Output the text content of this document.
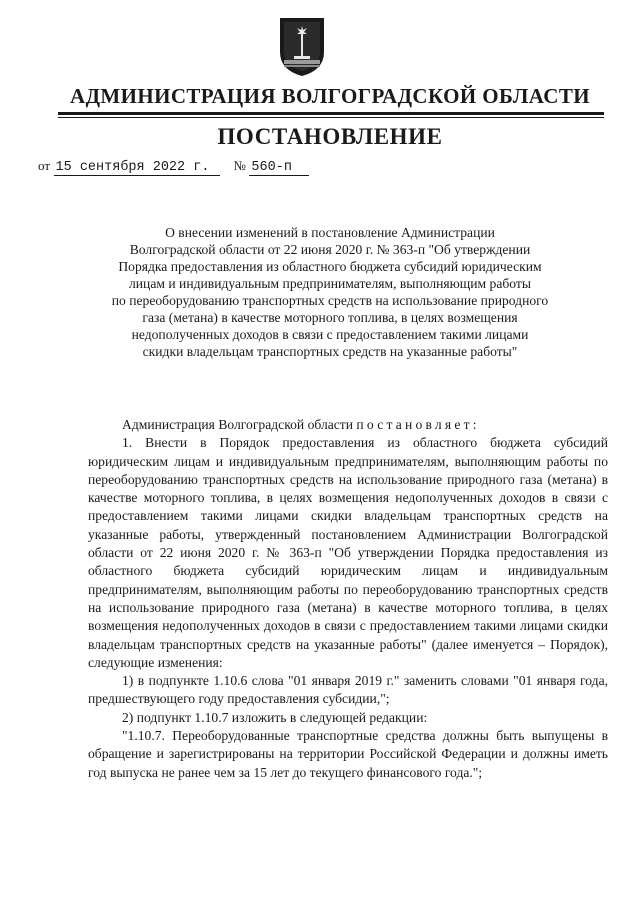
АДМИНИСТРАЦИЯ ВОЛГОГРАДСКОЙ ОБЛАСТИ
ПОСТАНОВЛЕНИЕ
от 15 сентября 2022 г. № 560-п
О внесении изменений в постановление Администрации
Волгоградской области от 22 июня 2020 г. № 363-п "Об утверждении
Порядка предоставления из областного бюджета субсидий юридическим
лицам и индивидуальным предпринимателям, выполняющим работы
по переоборудованию транспортных средств на использование природного
газа (метана) в качестве моторного топлива, в целях возмещения
недополученных доходов в связи с предоставлением такими лицами
скидки владельцам транспортных средств на указанные работы"

Администрация Волгоградской области постановляет:

1. Внести в Порядок предоставления из областного бюджета субсидий юридическим лицам и индивидуальным предпринимателям, выполняющим работы по переоборудованию транспортных средств на использование природного газа (метана) в качестве моторного топлива, в целях возмещения недополученных доходов в связи с предоставлением такими лицами скидки владельцам транспортных средств на указанные работы, утвержденный постановлением Администрации Волгоградской области от 22 июня 2020 г. № 363-п "Об утверждении Порядка предоставления из областного бюджета субсидий юридическим лицам и индивидуальным предпринимателям, выполняющим работы по переоборудованию транспортных средств на использование природного газа (метана) в качестве моторного топлива, в целях возмещения недополученных доходов в связи с предоставлением такими лицами скидки владельцам транспортных средств на указанные работы" (далее именуется – Порядок), следующие изменения:

1) в подпункте 1.10.6 слова "01 января 2019 г." заменить словами "01 января года, предшествующего году предоставления субсидии,";

2) подпункт 1.10.7 изложить в следующей редакции:

"1.10.7. Переоборудованные транспортные средства должны быть выпущены в обращение и зарегистрированы на территории Российской Федерации и должны иметь год выпуска не ранее чем за 15 лет до текущего финансового года.";
